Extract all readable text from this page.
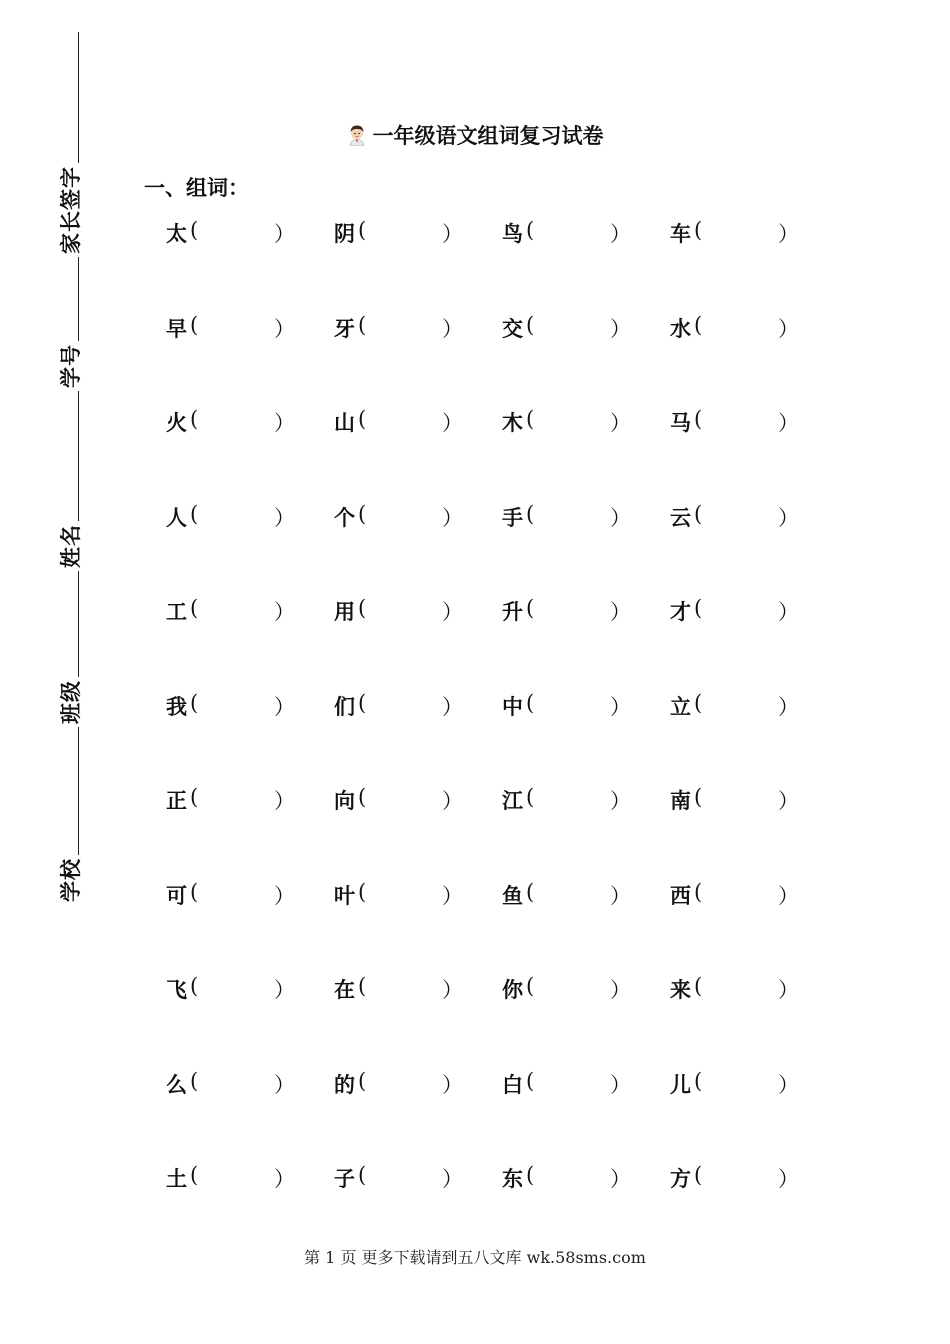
家长签字
学号
姓名
班级
学校
一年级语文组词复习试卷
一、组词：
太 (	） 阴 (	） 鸟 (	） 车 (	）
早 (	） 牙 (	） 交 (	） 水 (	）
火 (	） 山 (	） 木 (	） 马 (	）
人 (	） 个 (	） 手 (	） 云 (	）
工 (	） 用 (	） 升 (	） 才 (	）
我 (	） 们 (	） 中 (	） 立 (	）
正 (	） 向 (	） 江 (	） 南 (	）
可 (	） 叶 (	） 鱼 (	） 西 (	）
飞 (	） 在 (	） 你 (	） 来 (	）
么 (	） 的 (	） 白 (	） 儿 (	）
土 (	） 子 (	） 东 (	） 方 (	）
第 1 页 更多下载请到五八文库 wk.58sms.com
